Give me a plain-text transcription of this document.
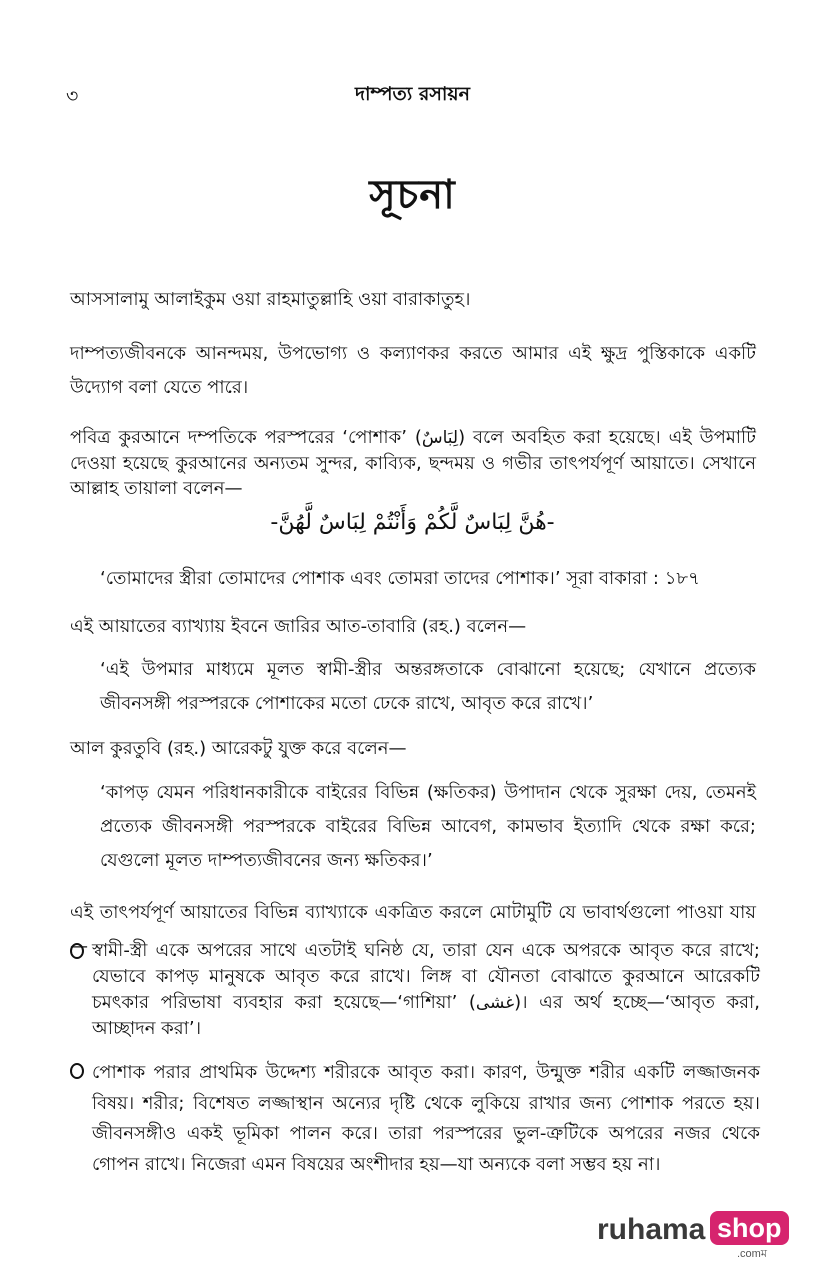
৩	দাম্পত্য রসায়ন
সূচনা

আসসালামু আলাইকুম ওয়া রাহমাতুল্লাহি ওয়া বারাকাতুহ।

দাম্পত্যজীবনকে আনন্দময়, উপভোগ্য ও কল্যাণকর করতে আমার এই ক্ষুদ্র পুস্তিকাকে একটি উদ্যোগ বলা যেতে পারে।

পবিত্র কুরআনে দম্পতিকে পরস্পরের ‘পোশাক’ (لِبَاسٌ) বলে অবহিত করা হয়েছে। এই উপমাটি দেওয়া হয়েছে কুরআনের অন্যতম সুন্দর, কাব্যিক, ছন্দময় ও গভীর তাৎপর্যপূর্ণ আয়াতে। সেখানে আল্লাহ তায়ালা বলেন—

-هُنَّ لِبَاسٌ لَّكُمْ وَأَنْتُمْ لِبَاسٌ لَّهُنَّ-

‘তোমাদের স্ত্রীরা তোমাদের পোশাক এবং তোমরা তাদের পোশাক।’ সূরা বাকারা : ১৮৭

এই আয়াতের ব্যাখ্যায় ইবনে জারির আত-তাবারি (রহ.) বলেন—

‘এই উপমার মাধ্যমে মূলত স্বামী-স্ত্রীর অন্তরঙ্গতাকে বোঝানো হয়েছে; যেখানে প্রত্যেক জীবনসঙ্গী পরস্পরকে পোশাকের মতো ঢেকে রাখে, আবৃত করে রাখে।’

আল কুরতুবি (রহ.) আরেকটু যুক্ত করে বলেন—

‘কাপড় যেমন পরিধানকারীকে বাইরের বিভিন্ন (ক্ষতিকর) উপাদান থেকে সুরক্ষা দেয়, তেমনই প্রত্যেক জীবনসঙ্গী পরস্পরকে বাইরের বিভিন্ন আবেগ, কামভাব ইত্যাদি থেকে রক্ষা করে; যেগুলো মূলত দাম্পত্যজীবনের জন্য ক্ষতিকর।’

এই তাৎপর্যপূর্ণ আয়াতের বিভিন্ন ব্যাখ্যাকে একত্রিত করলে মোটামুটি যে ভাবার্থগুলো পাওয়া যায়— স্বামী-স্ত্রী একে অপরের সাথে এতটাই ঘনিষ্ঠ যে, তারা যেন একে অপরকে আবৃত করে রাখে; যেভাবে কাপড় মানুষকে আবৃত করে রাখে। লিঙ্গ বা যৌনতা বোঝাতে কুরআনে আরেকটি চমৎকার পরিভাষা ব্যবহার করা হয়েছে—‘গাশিয়া’ (غشى)। এর অর্থ হচ্ছে—‘আবৃত করা, আচ্ছাদন করা’।
পোশাক পরার প্রাথমিক উদ্দেশ্য শরীরকে আবৃত করা। কারণ, উন্মুক্ত শরীর একটি লজ্জাজনক বিষয়। শরীর; বিশেষত লজ্জাস্থান অন্যের দৃষ্টি থেকে লুকিয়ে রাখার জন্য পোশাক পরতে হয়। জীবনসঙ্গীও একই ভূমিকা পালন করে। তারা পরস্পরের ভুল-ত্রুটিকে অপরের নজর থেকে গোপন রাখে। নিজেরা এমন বিষয়ের অংশীদার হয়—যা অন্যকে বলা সম্ভব হয় না।
ruhama shop
.comম
